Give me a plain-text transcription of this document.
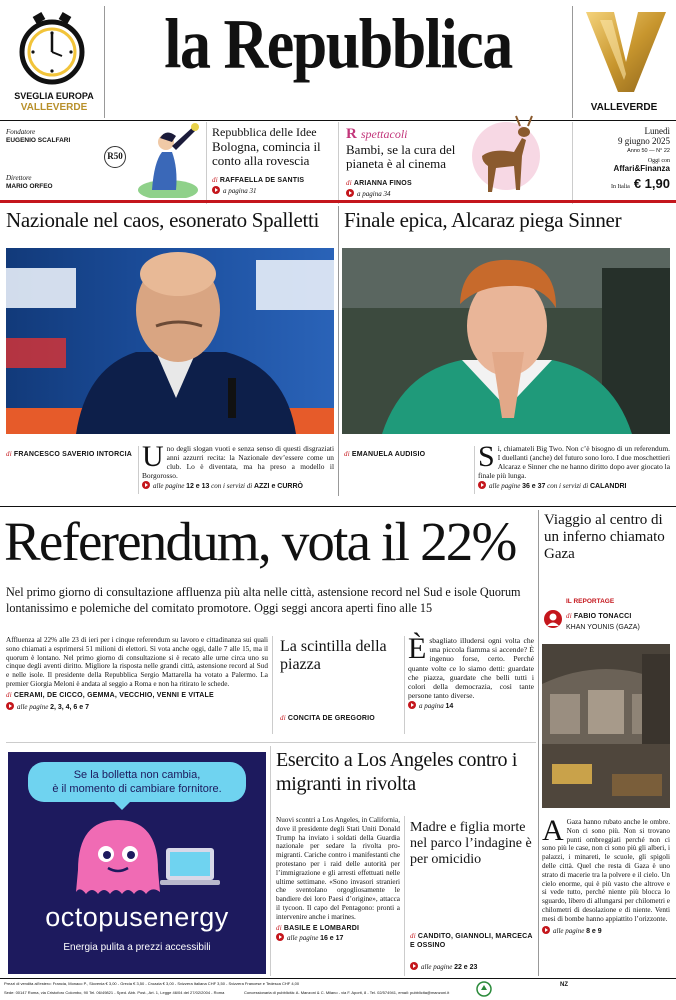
SVEGLIA EUROPA
VALLEVERDE
la Repubblica
VALLEVERDE
Fondatore
EUGENIO SCALFARI
Direttore
MARIO ORFEO
R50
Repubblica delle Idee
Bologna, comincia il conto alla rovescia
di RAFFAELLA DE SANTIS
a pagina 31
R spettacoli
Bambi, se la cura del pianeta è al cinema
di ARIANNA FINOS
a pagina 34
Lunedì
9 giugno 2025
Anno 50 — N° 22
Oggi con
Affari&Finanza
In Italia € 1,90
Nazionale nel caos, esonerato Spalletti	Finale epica, Alcaraz piega Sinner
di FRANCESCO SAVERIO INTORCIA Uno degli slogan vuoti e senza senso di questi disgraziati anni azzurri recita: la Nazionale dev’essere come un club. Lo è diventata, ma ha preso a modello il Borgorosso.
alle pagine 12 e 13 con i servizi di AZZI e CURRÒ
di EMANUELA AUDISIO Sì, chiamateli Big Two. Non c’è bisogno di un referendum. I duellanti (anche) del futuro sono loro. I due moschettieri Alcaraz e Sinner che ne hanno diritto dopo aver giocato la finale più lunga.
alle pagine 36 e 37 con i servizi di CALANDRI
Referendum, vota il 22%
Nel primo giorno di consultazione affluenza più alta nelle città, astensione record nel Sud e isole Quorum lontanissimo e polemiche del comitato promotore. Oggi seggi ancora aperti fino alle 15
Affluenza al 22% alle 23 di ieri per i cinque referendum su lavoro e cittadinanza sui quali sono chiamati a esprimersi 51 milioni di elettori. Si vota anche oggi, dalle 7 alle 15, ma il quorum è lontano. Nel primo giorno di consultazione si è recato alle urne circa uno su cinque degli aventi diritto. Migliore la risposta nelle grandi città, astensione record al Sud e nelle isole. Il presidente della Repubblica Sergio Mattarella ha votato a Palermo. La premier Giorgia Meloni è andata al seggio a Roma e non ha ritirato le schede.
di CERAMI, DE CICCO, GEMMA, VECCHIO, VENNI E VITALE
alle pagine 2, 3, 4, 6 e 7
La scintilla della piazza
di CONCITA DE GREGORIO
Èsbagliato illudersi ogni volta che una piccola fiamma si accende? È ingenuo forse, certo. Perché quante volte ce lo siamo detti: guardate che piazza, guardate che belli tutti i colori della democrazia, così tante persone tanto diverse.
a pagina 14
Viaggio al centro di un inferno chiamato Gaza
IL REPORTAGE
di FABIO TONACCI
KHAN YOUNIS (GAZA)
A Gaza hanno rubato anche le ombre. Non ci sono più. Non si trovano punti ombreggiati perché non ci sono più le case, non ci sono più gli alberi, i palazzi, i minareti, le scuole, gli spigoli delle città. Quel che resta di Gaza è uno strato di macerie tra la polvere e il cielo. Un cielo enorme, qui è più vasto che altrove e si vede tutto, perché niente più blocca lo sguardo, libero di allungarsi per chilometri e chilometri di desolazione e di niente. Venti mesi di bombe hanno appiattito l’orizzonte.
alle pagine 8 e 9
Se la bolletta non cambia,
è il momento di cambiare fornitore.
octopusenergy
Energia pulita a prezzi accessibili
Esercito a Los Angeles contro i migranti in rivolta
Nuovi scontri a Los Angeles, in California, dove il presidente degli Stati Uniti Donald Trump ha inviato i soldati della Guardia nazionale per sedare la rivolta pro-migranti. Cariche contro i manifestanti che protestano per i raid delle autorità per l’immigrazione e gli arresti effettuati nelle ultime settimane. «Sono invasori stranieri che sventolano orgogliosamente le bandiere dei loro Paesi d’origine», attacca il tycoon. Il capo del Pentagono: pronti a intervenire anche i marines.
di BASILE E LOMBARDI
alle pagine 16 e 17
Madre e figlia morte nel parco l’indagine è per omicidio
di CANDITO, GIANNOLI, MARCECA E OSSINO
alle pagine 22 e 23
Prezzi di vendita all’estero: Francia, Monaco P., Slovenia € 3,00 - Grecia € 3,50 - Croazia € 3,00 - Svizzera Italiana CHF 3,50 - Svizzera Francese e Tedesca CHF 4,00
Sede: 00147 Roma, via Cristoforo Colombo, 90 Tel. 06/49821 - Sped. Abb. Post., Art. 1, Legge 46/04 del 27/02/2004 - Roma	Concessionaria di pubblicità: A. Manzoni & C. Milano - via F. Aporti, 8 - Tel. 02/574941, email: pubblicita@manzoni.it
NZ
